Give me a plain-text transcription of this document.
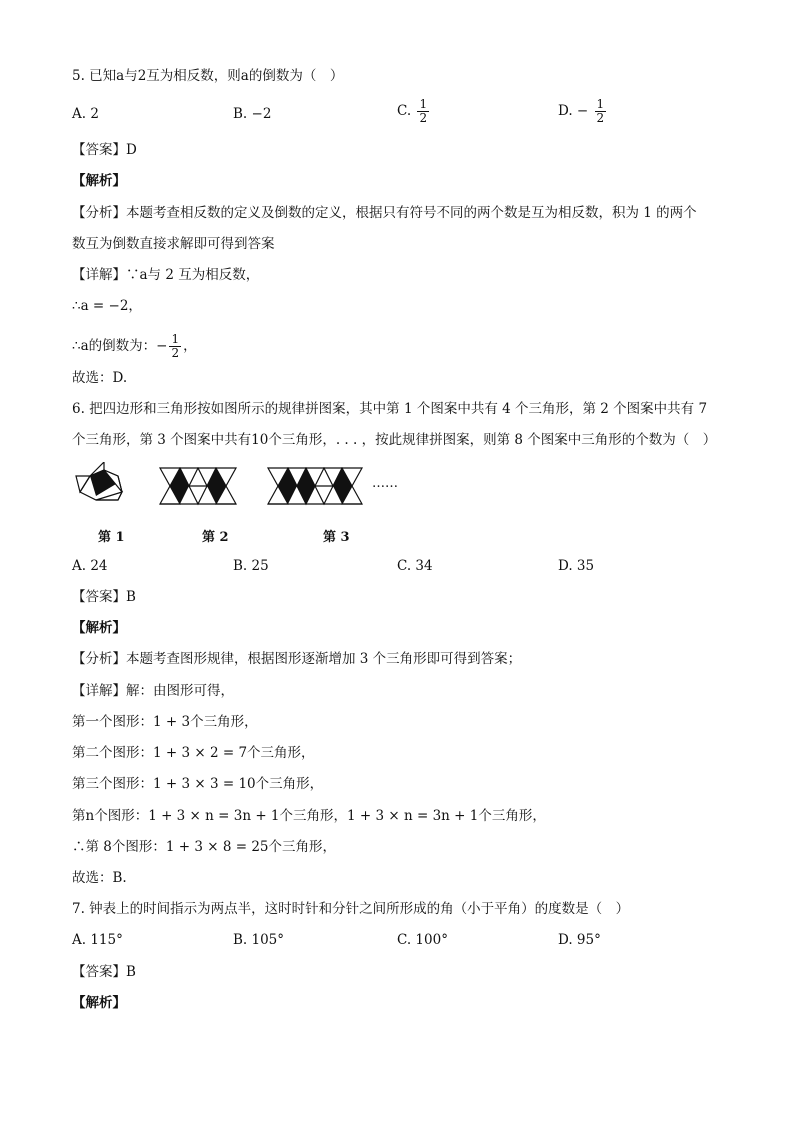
5. 已知a与2互为相反数，则a的倒数为（　）
A. 2	B. −2	C. $\frac{1}{2}$	D. − $\frac{1}{2}$
【答案】D
【解析】
【分析】本题考查相反数的定义及倒数的定义，根据只有符号不同的两个数是互为相反数，积为 1 的两个
数互为倒数直接求解即可得到答案
【详解】∵a与 2 互为相反数，
∴a = −2，
∴a的倒数为：− $\frac{1}{2}$ ，
故选：D.
6. 把四边形和三角形按如图所示的规律拼图案，其中第 1 个图案中共有 4 个三角形，第 2 个图案中共有 7
个三角形，第 3 个图案中共有10个三角形，. . . ，按此规律拼图案，则第 8 个图案中三角形的个数为（　）
……
第 1	第 2	第 3
A. 24	B. 25	C. 34	D. 35
【答案】B
【解析】
【分析】本题考查图形规律，根据图形逐渐增加 3 个三角形即可得到答案；
【详解】解：由图形可得，
第一个图形：1 + 3个三角形，
第二个图形：1 + 3 × 2 = 7个三角形，
第三个图形：1 + 3 × 3 = 10个三角形，
第n个图形：1 + 3 × n = 3n + 1个三角形，1 + 3 × n = 3n + 1个三角形，
∴第 8个图形：1 + 3 × 8 = 25个三角形，
故选：B.
7. 钟表上的时间指示为两点半，这时时针和分针之间所形成的角（小于平角）的度数是（　）
A. 115°	B. 105°	C. 100°	D. 95°
【答案】B
【解析】
